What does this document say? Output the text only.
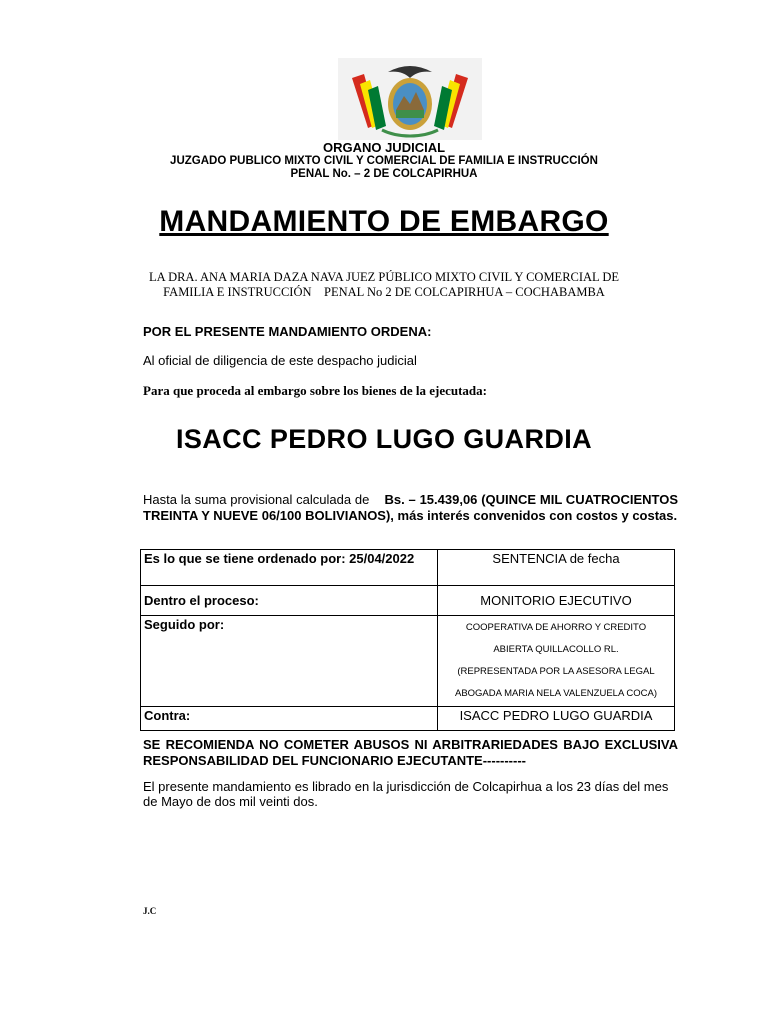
ORGANO JUDICIAL
JUZGADO PUBLICO MIXTO CIVIL Y COMERCIAL DE FAMILIA E INSTRUCCIÓN
PENAL No. – 2 DE COLCAPIRHUA
MANDAMIENTO DE EMBARGO
LA DRA. ANA MARIA DAZA NAVA JUEZ PÚBLICO MIXTO CIVIL Y COMERCIAL DE
FAMILIA E INSTRUCCIÓN    PENAL No 2 DE COLCAPIRHUA – COCHABAMBA
POR EL PRESENTE MANDAMIENTO ORDENA:
Al oficial de diligencia de este despacho judicial
Para que proceda al embargo sobre los bienes de la ejecutada:
ISACC PEDRO LUGO GUARDIA
Hasta la suma provisional calculada de Bs. – 15.439,06 (QUINCE MIL CUATROCIENTOS TREINTA Y NUEVE 06/100 BOLIVIANOS), más interés convenidos con costos y costas.
Es lo que se tiene ordenado por: 25/04/2022	SENTENCIA de fecha
Dentro el proceso:	MONITORIO EJECUTIVO
Seguido por:	COOPERATIVA DE AHORRO Y CREDITO
ABIERTA QUILLACOLLO RL.
(REPRESENTADA POR LA ASESORA LEGAL
ABOGADA MARIA NELA VALENZUELA COCA)

Contra:	ISACC PEDRO LUGO GUARDIA
SE RECOMIENDA NO COMETER ABUSOS NI ARBITRARIEDADES BAJO EXCLUSIVA RESPONSABILIDAD DEL FUNCIONARIO EJECUTANTE----------
El presente mandamiento es librado en la jurisdicción de Colcapirhua a los 23 días del mes de Mayo de dos mil veinti dos.
J.C
